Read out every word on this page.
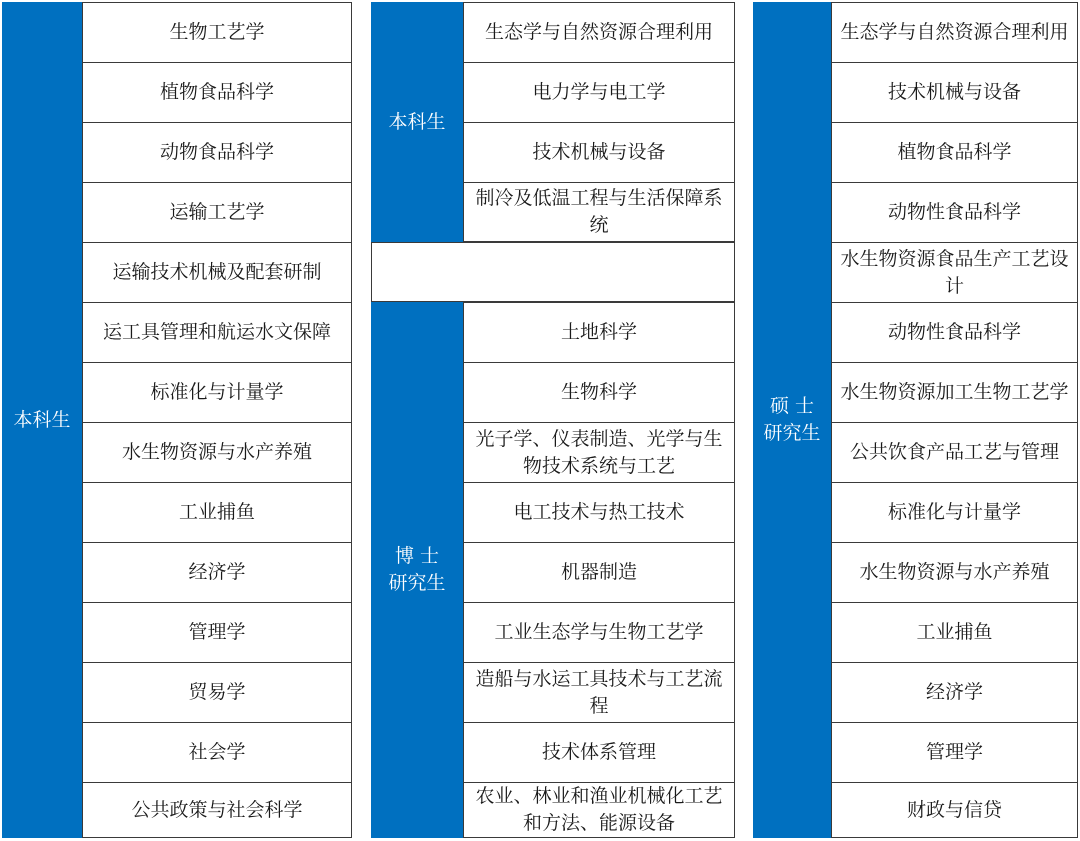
本科生
生物工艺学
植物食品科学
动物食品科学
运输工艺学
运输技术机械及配套研制
运工具管理和航运水文保障
标准化与计量学
水生物资源与水产养殖
工业捕鱼
经济学
管理学
贸易学
社会学
公共政策与社会科学
本科生
生态学与自然资源合理利用
电力学与电工学
技术机械与设备
制冷及低温工程与生活保障系统
博 士
研究生
土地科学
生物科学
光子学、仪表制造、光学与生物技术系统与工艺
电工技术与热工技术
机器制造
工业生态学与生物工艺学
造船与水运工具技术与工艺流程
技术体系管理
农业、林业和渔业机械化工艺和方法、能源设备
硕 士
研究生
生态学与自然资源合理利用
技术机械与设备
植物食品科学
动物性食品科学
水生物资源食品生产工艺设计
动物性食品科学
水生物资源加工生物工艺学
公共饮食产品工艺与管理
标准化与计量学
水生物资源与水产养殖
工业捕鱼
经济学
管理学
财政与信贷
